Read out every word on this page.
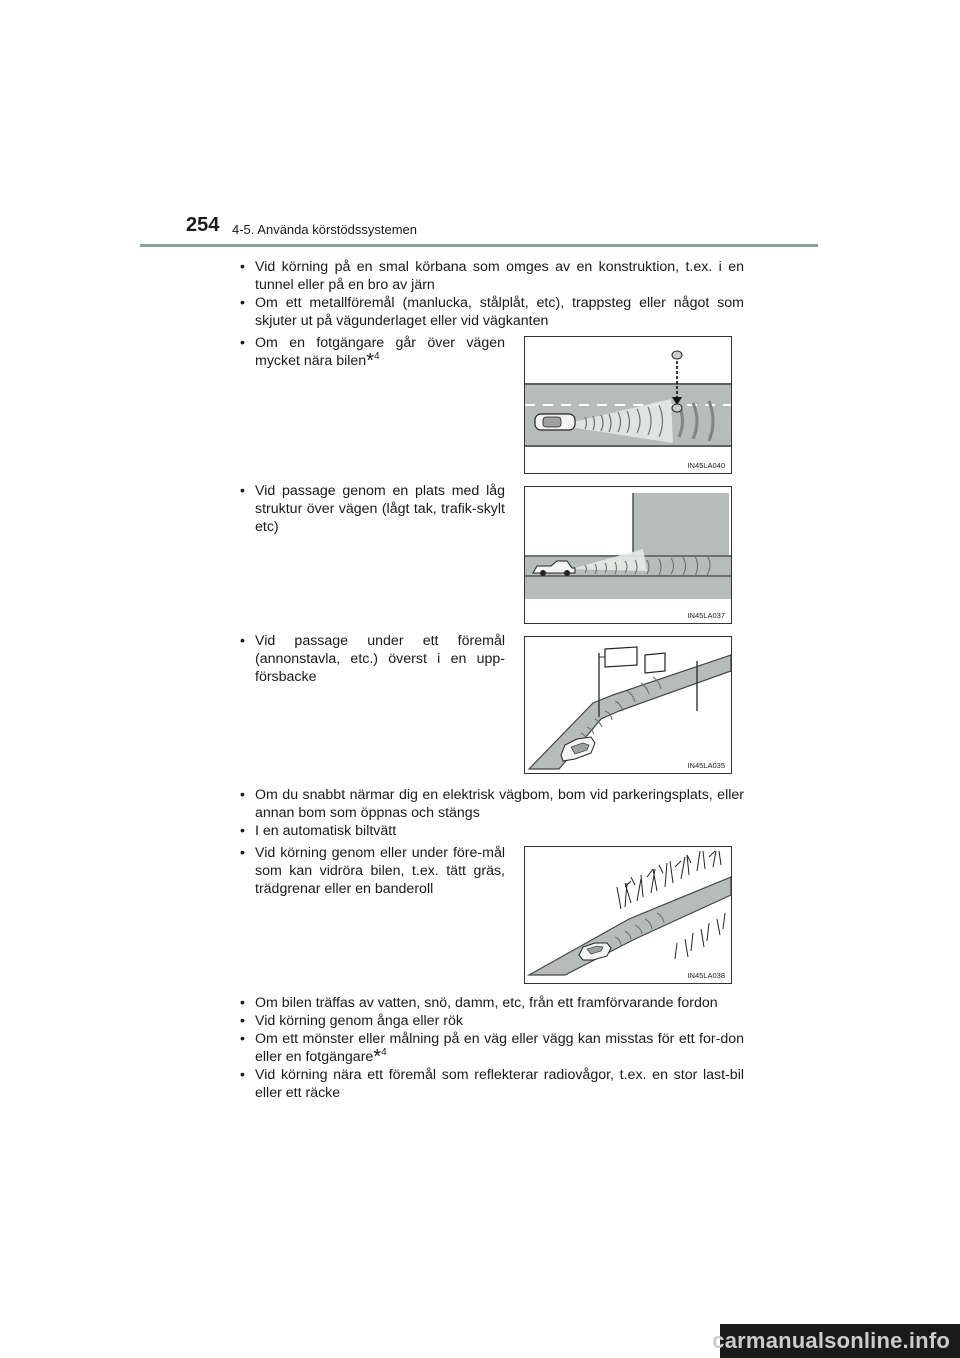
254 4-5. Använda körstödssystemen
• Vid körning på en smal körbana som omges av en konstruktion, t.ex. i en tunnel eller på en bro av järn
• Om ett metallföremål (manlucka, stålplåt, etc), trappsteg eller något som skjuter ut på vägunderlaget eller vid vägkanten
• Om en fotgängare går över vägen mycket nära bilen*$^4$
IN45LA040
• Vid passage genom en plats med låg struktur över vägen (lågt tak, trafik-skylt etc)
IN45LA037
• Vid passage under ett föremål (annonstavla, etc.) överst i en upp-försbacke
IN45LA035
• Om du snabbt närmar dig en elektrisk vägbom, bom vid parkeringsplats, eller annan bom som öppnas och stängs
• I en automatisk biltvätt
• Vid körning genom eller under före-mål som kan vidröra bilen, t.ex. tätt gräs, trädgrenar eller en banderoll
IN45LA038
• Om bilen träffas av vatten, snö, damm, etc, från ett framförvarande fordon
• Vid körning genom ånga eller rök
• Om ett mönster eller målning på en väg eller vägg kan misstas för ett for-don eller en fotgängare*$^4$
• Vid körning nära ett föremål som reflekterar radiovågor, t.ex. en stor last-bil eller ett räcke
carmanualsonline.info
